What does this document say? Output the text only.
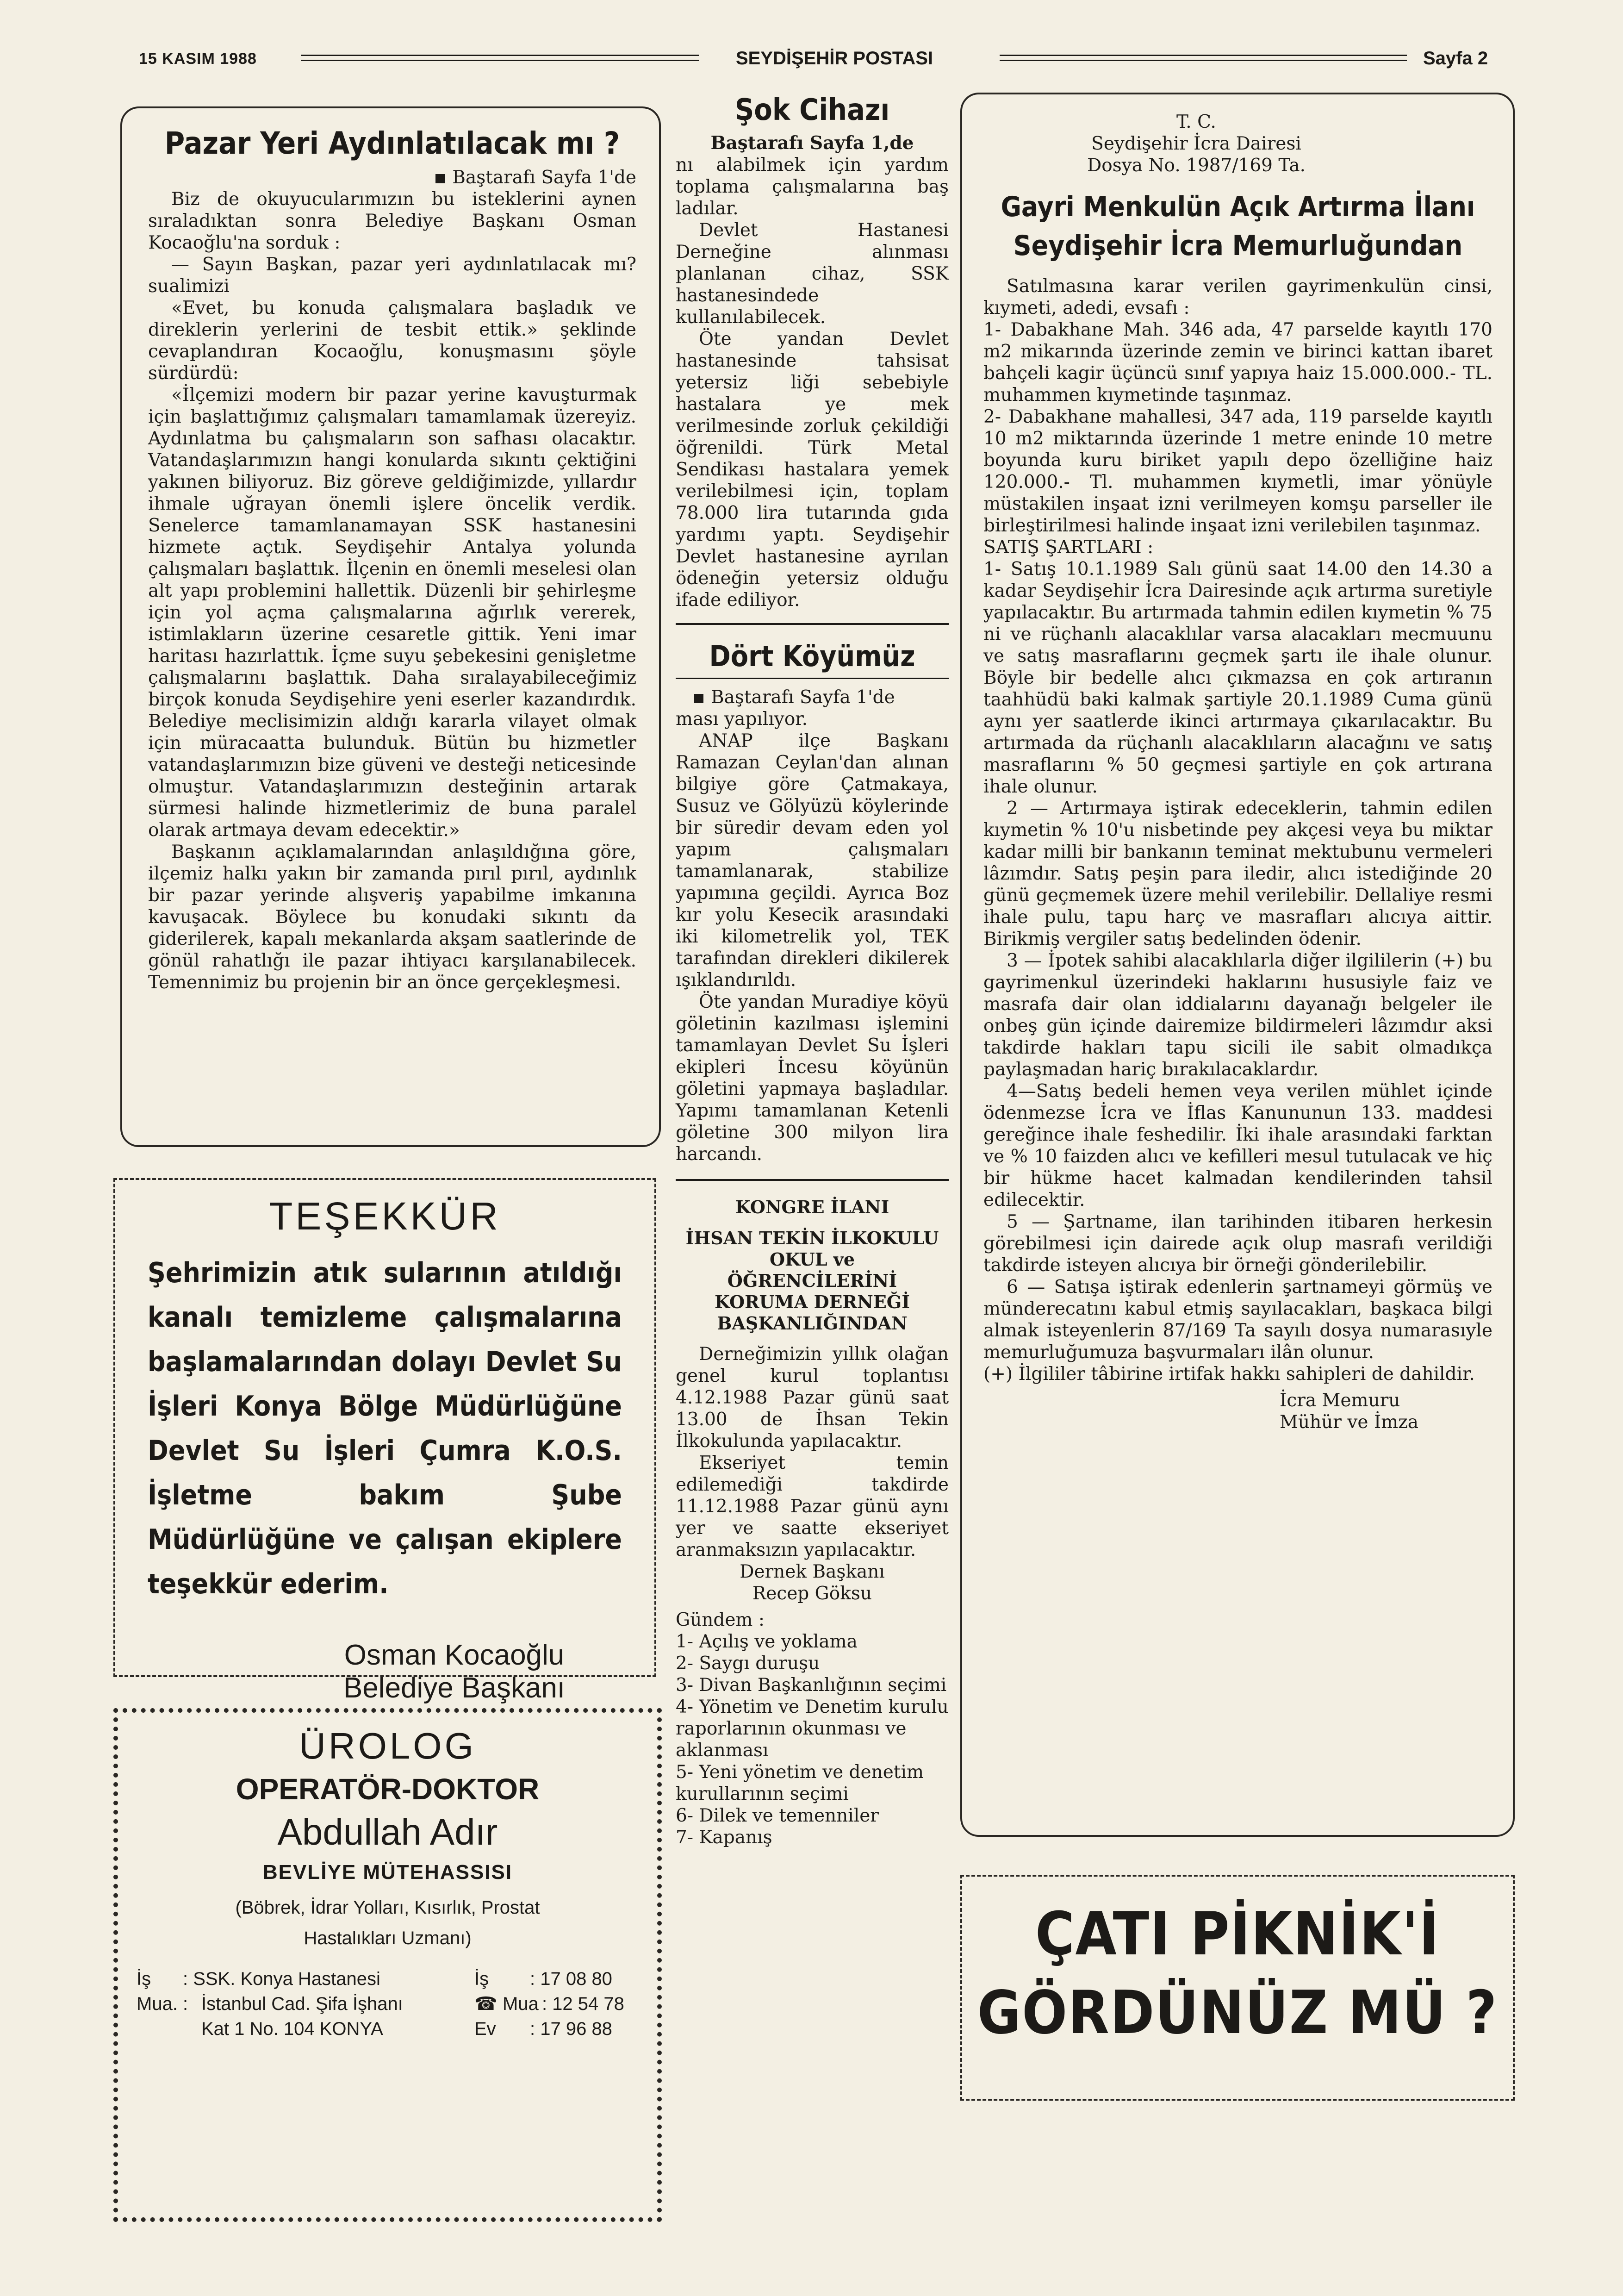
15 KASIM 1988	SEYDİŞEHİR POSTASI	Sayfa 2
Pazar Yeri Aydınlatılacak mı ?
Baştarafı Sayfa 1'de

Biz de okuyucularımızın bu isteklerini aynen sıraladıktan sonra Belediye Başkanı Osman Kocaoğlu'na sorduk :

— Sayın Başkan, pazar yeri aydınlatılacak mı? sualimizi

«Evet, bu konuda çalışmalara başladık ve direklerin yerlerini de tesbit ettik.» şeklinde cevaplandıran Kocaoğlu, konuşmasını şöyle sürdürdü:

«İlçemizi modern bir pazar yerine kavuşturmak için başlattığımız çalışmaları tamamlamak üzereyiz. Aydınlatma bu çalışmaların son safhası olacaktır. Vatandaşlarımızın hangi konularda sıkıntı çektiğini yakınen biliyoruz. Biz göreve geldiğimizde, yıllardır ihmale uğrayan önemli işlere öncelik verdik. Senelerce tamamlanamayan SSK hastanesini hizmete açtık. Seydişehir Antalya yolunda çalışmaları başlattık. İlçenin en önemli meselesi olan alt yapı problemini hallettik. Düzenli bir şehirleşme için yol açma çalışmalarına ağırlık vererek, istimlakların üzerine cesaretle gittik. Yeni imar haritası hazırlattık. İçme suyu şebekesini genişletme çalışmalarını başlattık. Daha sıralayabileceğimiz birçok konuda Seydişehire yeni eserler kazandırdık. Belediye meclisimizin aldığı kararla vilayet olmak için müracaatta bulunduk. Bütün bu hizmetler vatandaşlarımızın bize güveni ve desteği neticesinde olmuştur. Vatandaşlarımızın desteğinin artarak sürmesi halinde hizmetlerimiz de buna paralel olarak artmaya devam edecektir.»

Başkanın açıklamalarından anlaşıldığına göre, ilçemiz halkı yakın bir zamanda pırıl pırıl, aydınlık bir pazar yerinde alışveriş yapabilme imkanına kavuşacak. Böylece bu konudaki sıkıntı da giderilerek, kapalı mekanlarda akşam saatlerinde de gönül rahatlığı ile pazar ihtiyacı karşılanabilecek. Temennimiz bu projenin bir an önce gerçekleşmesi.

TEŞEKKÜR
Şehrimizin atık sularının atıldığı kanalı temizleme çalışmalarına başlamalarından dolayı Devlet Su İşleri Konya Bölge Müdürlüğüne Devlet Su İşleri Çumra K.O.S. İşletme bakım Şube Müdürlüğüne ve çalışan ekiplere teşekkür ederim.
Osman Kocaoğlu
Belediye Başkanı
ÜROLOG
OPERATÖR-DOKTOR
Abdullah Adır
BEVLİYE MÜTEHASSISI
(Böbrek, İdrar Yolları, Kısırlık, Prostat Hastalıkları Uzmanı)
İş : SSK. Konya Hastanesi
Mua. : İstanbul Cad. Şifa İşhanı
Kat 1 No. 104 KONYA
İş : 17 08 80
☎ Mua : 12 54 78
Ev : 17 96 88
Şok Cihazı
Baştarafı Sayfa 1,de

nı alabilmek için yardım toplama çalışmalarına baş ladılar.

Devlet Hastanesi Derneğine alınması planlanan cihaz, SSK hastanesindede kullanılabilecek.

Öte yandan Devlet hastanesinde tahsisat yetersiz liği sebebiyle hastalara ye mek verilmesinde zorluk çekildiği öğrenildi. Türk Metal Sendikası hastalara yemek verilebilmesi için, toplam 78.000 lira tutarında gıda yardımı yaptı. Seydişehir Devlet hastanesine ayrılan ödeneğin yetersiz olduğu ifade ediliyor.

Dört Köyümüz
Baştarafı Sayfa 1'de

ması yapılıyor.

ANAP ilçe Başkanı Ramazan Ceylan'dan alınan bilgiye göre Çatmakaya, Susuz ve Gölyüzü köylerinde bir süredir devam eden yol yapım çalışmaları tamamlanarak, stabilize yapımına geçildi. Ayrıca Boz kır yolu Kesecik arasındaki iki kilometrelik yol, TEK tarafından direkleri dikilerek ışıklandırıldı.

Öte yandan Muradiye köyü göletinin kazılması işlemini tamamlayan Devlet Su İşleri ekipleri İncesu köyünün göletini yapmaya başladılar. Yapımı tamamlanan Ketenli göletine 300 milyon lira harcandı.

KONGRE İLANI
İHSAN TEKİN İLKOKULU OKUL ve ÖĞRENCİLERİNİ KORUMA DERNEĞİ BAŞKANLIĞINDAN

Derneğimizin yıllık olağan genel kurul toplantısı 4.12.1988 Pazar günü saat 13.00 de İhsan Tekin İlkokulunda yapılacaktır.

Ekseriyet temin edilemediği takdirde 11.12.1988 Pazar günü aynı yer ve saatte ekseriyet aranmaksızın yapılacaktır.

Dernek Başkanı
Recep Göksu
Gündem :
1- Açılış ve yoklama
2- Saygı duruşu
3- Divan Başkanlığının seçimi
4- Yönetim ve Denetim kurulu raporlarının okunması ve aklanması
5- Yeni yönetim ve denetim kurullarının seçimi
6- Dilek ve temenniler
7- Kapanış
T. C.
Seydişehir İcra Dairesi
Dosya No. 1987/169 Ta.
Gayri Menkulün Açık Artırma İlanı
Seydişehir İcra Memurluğundan

Satılmasına karar verilen gayrimenkulün cinsi, kıymeti, adedi, evsafı :

1- Dabakhane Mah. 346 ada, 47 parselde kayıtlı 170 m2 mikarında üzerinde zemin ve birinci kattan ibaret bahçeli kagir üçüncü sınıf yapıya haiz 15.000.000.- TL. muhammen kıymetinde taşınmaz.

2- Dabakhane mahallesi, 347 ada, 119 parselde kayıtlı 10 m2 miktarında üzerinde 1 metre eninde 10 metre boyunda kuru biriket yapılı depo özelliğine haiz 120.000.- Tl. muhammen kıymetli, imar yönüyle müstakilen inşaat izni verilmeyen komşu parseller ile birleştirilmesi halinde inşaat izni verilebilen taşınmaz.

SATIŞ ŞARTLARI :

1- Satış 10.1.1989 Salı günü saat 14.00 den 14.30 a kadar Seydişehir İcra Dairesinde açık artırma suretiyle yapılacaktır. Bu artırmada tahmin edilen kıymetin % 75 ni ve rüçhanlı alacaklılar varsa alacakları mecmuunu ve satış masraflarını geçmek şartı ile ihale olunur. Böyle bir bedelle alıcı çıkmazsa en çok artıranın taahhüdü baki kalmak şartiyle 20.1.1989 Cuma günü aynı yer saatlerde ikinci artırmaya çıkarılacaktır. Bu artırmada da rüçhanlı alacaklıların alacağını ve satış masraflarını % 50 geçmesi şartiyle en çok artırana ihale olunur.

2 — Artırmaya iştirak edeceklerin, tahmin edilen kıymetin % 10'u nisbetinde pey akçesi veya bu miktar kadar milli bir bankanın teminat mektubunu vermeleri lâzımdır. Satış peşin para iledir, alıcı istediğinde 20 günü geçmemek üzere mehil verilebilir. Dellaliye resmi ihale pulu, tapu harç ve masrafları alıcıya aittir. Birikmiş vergiler satış bedelinden ödenir.

3 — İpotek sahibi alacaklılarla diğer ilgililerin (+) bu gayrimenkul üzerindeki haklarını hususiyle faiz ve masrafa dair olan iddialarını dayanağı belgeler ile onbeş gün içinde dairemize bildirmeleri lâzımdır aksi takdirde hakları tapu sicili ile sabit olmadıkça paylaşmadan hariç bırakılacaklardır.

4—Satış bedeli hemen veya verilen mühlet içinde ödenmezse İcra ve İflas Kanununun 133. maddesi gereğince ihale feshedilir. İki ihale arasındaki farktan ve % 10 faizden alıcı ve kefilleri mesul tutulacak ve hiç bir hükme hacet kalmadan kendilerinden tahsil edilecektir.

5 — Şartname, ilan tarihinden itibaren herkesin görebilmesi için dairede açık olup masrafı verildiği takdirde isteyen alıcıya bir örneği gönderilebilir.

6 — Satışa iştirak edenlerin şartnameyi görmüş ve münderecatını kabul etmiş sayılacakları, başkaca bilgi almak isteyenlerin 87/169 Ta sayılı dosya numarasıyle memurluğumuza başvurmaları ilân olunur.

(+) İlgililer tâbirine irtifak hakkı sahipleri de dahildir.

İcra Memuru
Mühür ve İmza
ÇATI PİKNİK'İ
GÖRDÜNÜZ MÜ ?
